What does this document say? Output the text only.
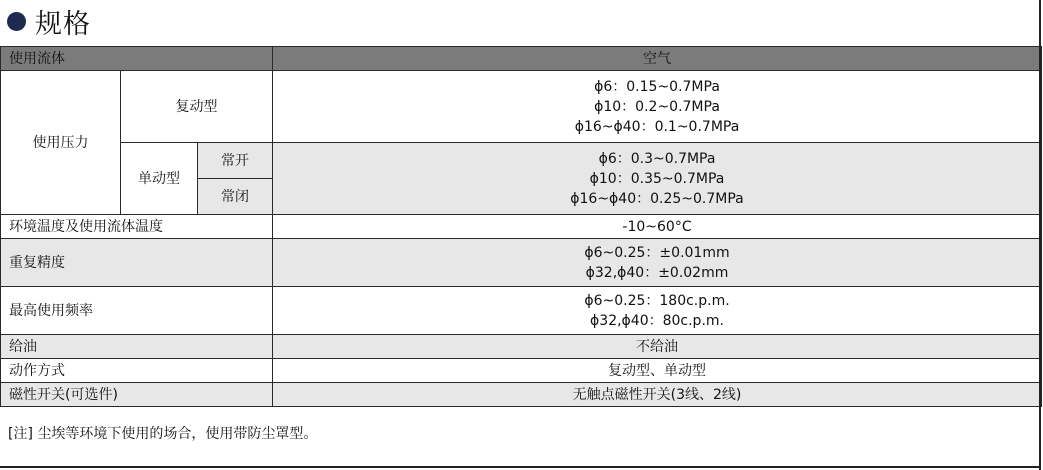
规格
使用流体			空气
使用压力	复动型		ϕ6：0.15~0.7MPa
ϕ10：0.2~0.7MPa
ϕ16~ϕ40：0.1~0.7MPa

	单动型	常开	ϕ6：0.3~0.7MPa
ϕ10：0.35~0.7MPa
ϕ16~ϕ40：0.25~0.7MPa

		常闭	
环境温度及使用流体温度			-10~60°C
重复精度			ϕ6~0.25：±0.01mm
ϕ32,ϕ40：±0.02mm

最高使用频率			ϕ6~0.25：180c.p.m.
ϕ32,ϕ40：80c.p.m.

给油			不给油
动作方式			复动型、单动型
磁性开关(可选件)			无触点磁性开关(3线、2线)
[注] 尘埃等环境下使用的场合，使用带防尘罩型。
